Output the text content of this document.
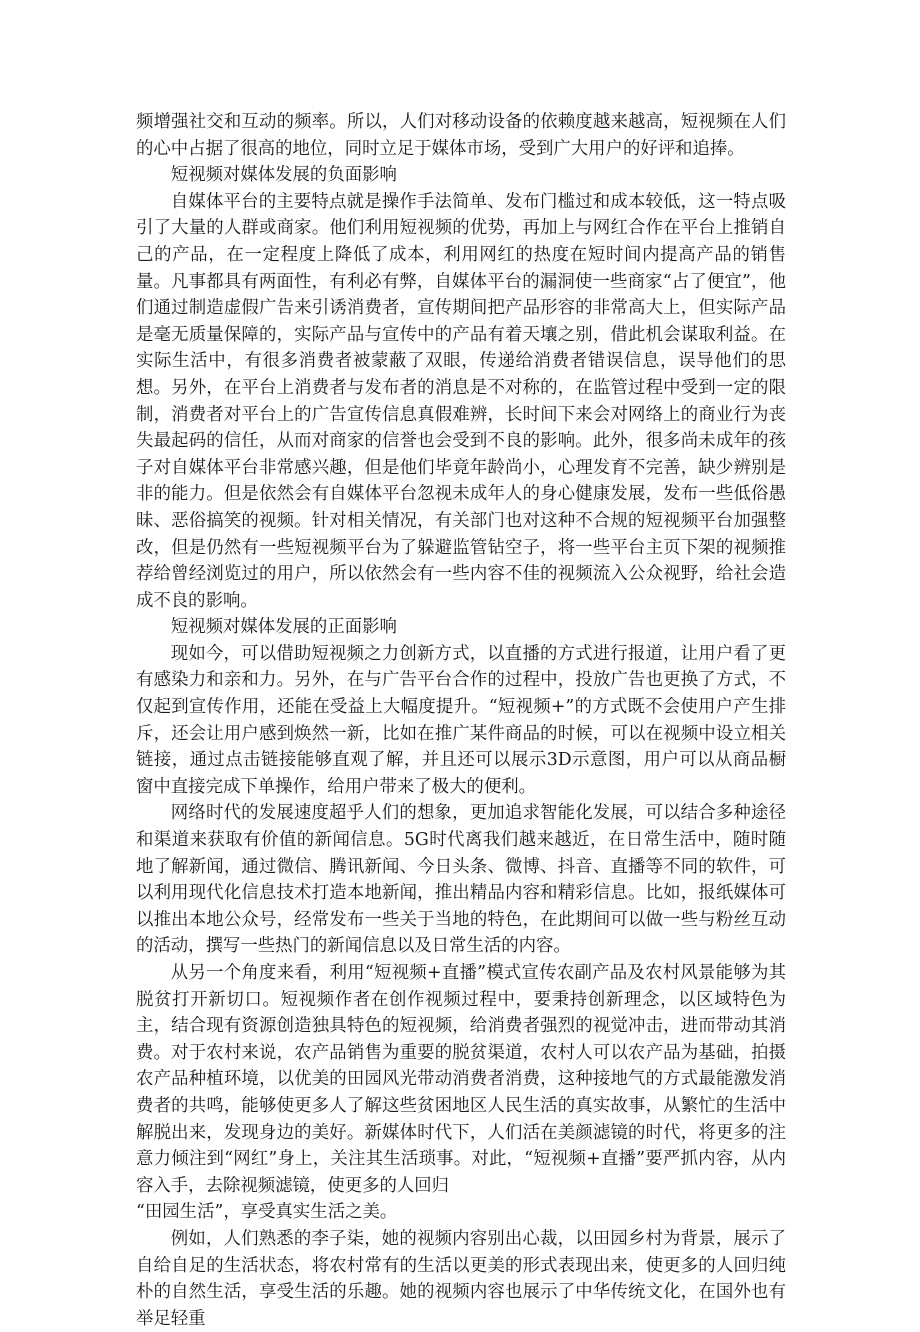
频增强社交和互动的频率。所以，人们对移动设备的依赖度越来越高，短视频在人们的心中占据了很高的地位，同时立足于媒体市场，受到广大用户的好评和追捧。

短视频对媒体发展的负面影响

自媒体平台的主要特点就是操作手法简单、发布门槛过和成本较低，这一特点吸引了大量的人群或商家。他们利用短视频的优势，再加上与网红合作在平台上推销自己的产品，在一定程度上降低了成本，利用网红的热度在短时间内提高产品的销售量。凡事都具有两面性，有利必有弊，自媒体平台的漏洞使一些商家“占了便宜”，他们通过制造虚假广告来引诱消费者，宣传期间把产品形容的非常高大上，但实际产品是毫无质量保障的，实际产品与宣传中的产品有着天壤之别，借此机会谋取利益。在实际生活中，有很多消费者被蒙蔽了双眼，传递给消费者错误信息，误导他们的思想。另外，在平台上消费者与发布者的消息是不对称的，在监管过程中受到一定的限制，消费者对平台上的广告宣传信息真假难辨，长时间下来会对网络上的商业行为丧失最起码的信任，从而对商家的信誉也会受到不良的影响。此外，很多尚未成年的孩子对自媒体平台非常感兴趣，但是他们毕竟年龄尚小，心理发育不完善，缺少辨别是非的能力。但是依然会有自媒体平台忽视未成年人的身心健康发展，发布一些低俗愚昧、恶俗搞笑的视频。针对相关情况，有关部门也对这种不合规的短视频平台加强整改，但是仍然有一些短视频平台为了躲避监管钻空子，将一些平台主页下架的视频推荐给曾经浏览过的用户，所以依然会有一些内容不佳的视频流入公众视野，给社会造成不良的影响。

短视频对媒体发展的正面影响

现如今，可以借助短视频之力创新方式，以直播的方式进行报道，让用户看了更有感染力和亲和力。另外，在与广告平台合作的过程中，投放广告也更换了方式，不仅起到宣传作用，还能在受益上大幅度提升。“短视频+”的方式既不会使用户产生排斥，还会让用户感到焕然一新，比如在推广某件商品的时候，可以在视频中设立相关链接，通过点击链接能够直观了解，并且还可以展示3D示意图，用户可以从商品橱窗中直接完成下单操作，给用户带来了极大的便利。

网络时代的发展速度超乎人们的想象，更加追求智能化发展，可以结合多种途径和渠道来获取有价值的新闻信息。5G时代离我们越来越近，在日常生活中，随时随地了解新闻，通过微信、腾讯新闻、今日头条、微博、抖音、直播等不同的软件，可以利用现代化信息技术打造本地新闻，推出精品内容和精彩信息。比如，报纸媒体可以推出本地公众号，经常发布一些关于当地的特色，在此期间可以做一些与粉丝互动的活动，撰写一些热门的新闻信息以及日常生活的内容。

从另一个角度来看，利用“短视频+直播”模式宣传农副产品及农村风景能够为其脱贫打开新切口。短视频作者在创作视频过程中，要秉持创新理念，以区域特色为主，结合现有资源创造独具特色的短视频，给消费者强烈的视觉冲击，进而带动其消费。对于农村来说，农产品销售为重要的脱贫渠道，农村人可以农产品为基础，拍摄农产品种植环境，以优美的田园风光带动消费者消费，这种接地气的方式最能激发消费者的共鸣，能够使更多人了解这些贫困地区人民生活的真实故事，从繁忙的生活中解脱出来，发现身边的美好。新媒体时代下，人们活在美颜滤镜的时代，将更多的注意力倾注到“网红”身上，关注其生活琐事。对此，“短视频+直播”要严抓内容，从内容入手，去除视频滤镜，使更多的人回归

“田园生活”，享受真实生活之美。

例如，人们熟悉的李子柒，她的视频内容别出心裁，以田园乡村为背景，展示了自给自足的生活状态，将农村常有的生活以更美的形式表现出来，使更多的人回归纯朴的自然生活，享受生活的乐趣。她的视频内容也展示了中华传统文化，在国外也有举足轻重
